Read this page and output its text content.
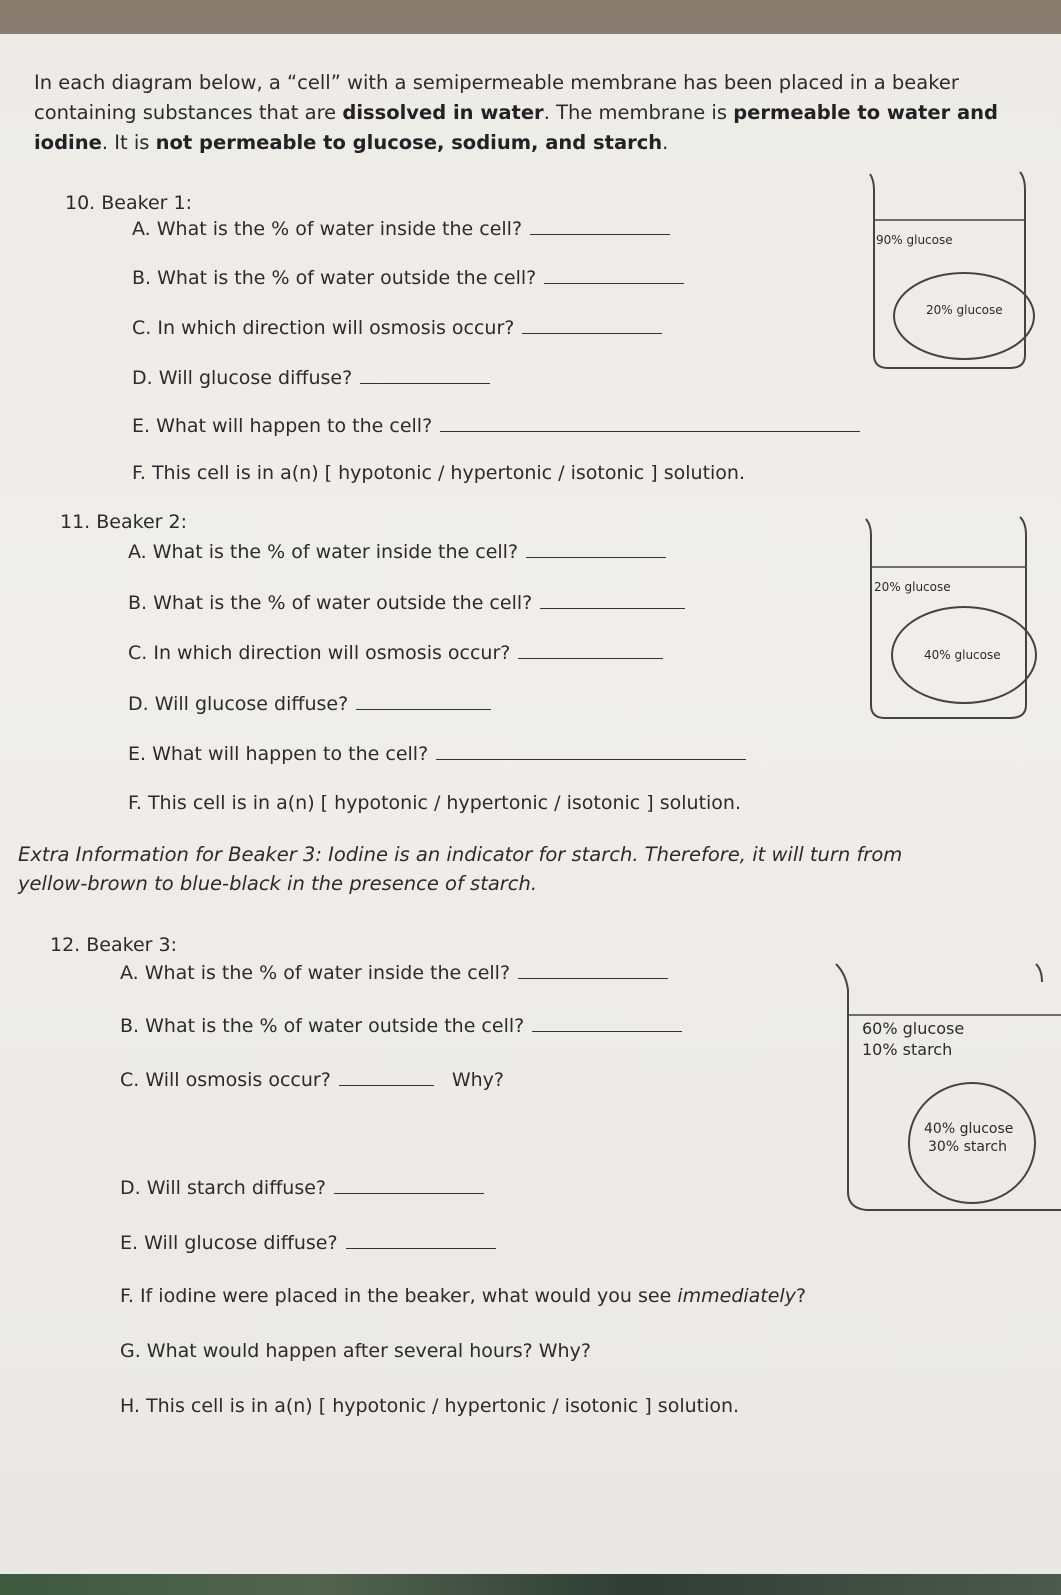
In each diagram below, a “cell” with a semipermeable membrane has been placed in a beaker
containing substances that are dissolved in water. The membrane is permeable to water and
iodine. It is not permeable to glucose, sodium, and starch.
10. Beaker 1:
A. What is the % of water inside the cell?
B. What is the % of water outside the cell?
C. In which direction will osmosis occur?
D. Will glucose diffuse?
E. What will happen to the cell?
F. This cell is in a(n) [ hypotonic / hypertonic / isotonic ] solution.
90% glucose
20% glucose
11. Beaker 2:
A. What is the % of water inside the cell?
B. What is the % of water outside the cell?
C. In which direction will osmosis occur?
D. Will glucose diffuse?
E. What will happen to the cell?
F. This cell is in a(n) [ hypotonic / hypertonic / isotonic ] solution.
20% glucose
40% glucose
Extra Information for Beaker 3: Iodine is an indicator for starch. Therefore, it will turn from
yellow-brown to blue-black in the presence of starch.
12. Beaker 3:
A. What is the % of water inside the cell?
B. What is the % of water outside the cell?
C. Will osmosis occur?	Why?
D. Will starch diffuse?
E. Will glucose diffuse?
F. If iodine were placed in the beaker, what would you see immediately?
G. What would happen after several hours? Why?
H. This cell is in a(n) [ hypotonic / hypertonic / isotonic ] solution.
60% glucose
10% starch
40% glucose
30% starch
